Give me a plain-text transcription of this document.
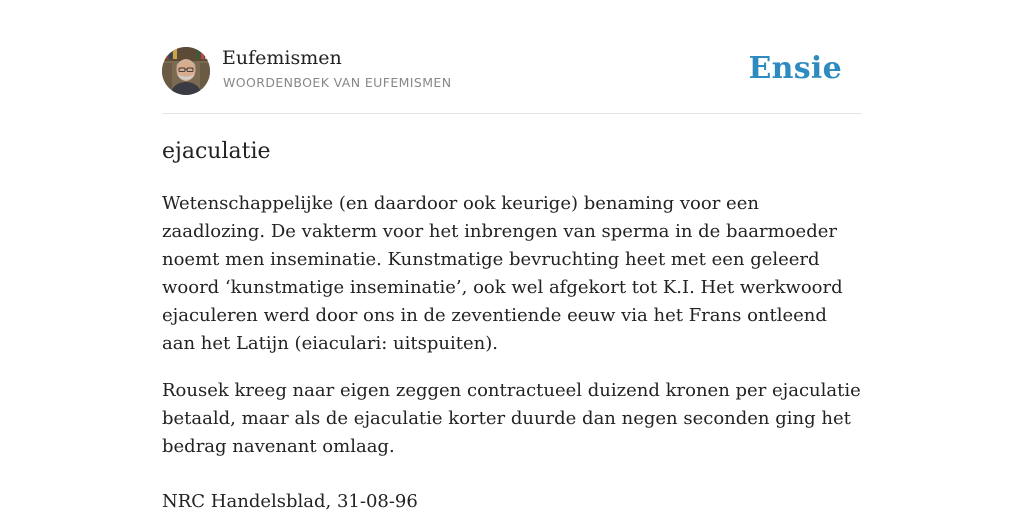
Eufemismen
WOORDENBOEK VAN EUFEMISMEN	Ensie
ejaculatie

Wetenschappelijke (en daardoor ook keurige) benaming voor een zaadlozing. De vakterm voor het inbrengen van sperma in de baarmoeder noemt men inseminatie. Kunstmatige bevruchting heet met een geleerd woord ‘kunstmatige inseminatie’, ook wel afgekort tot K.I. Het werkwoord ejaculeren werd door ons in de zeventiende eeuw via het Frans ontleend aan het Latijn (eiaculari: uitspuiten).

Rousek kreeg naar eigen zeggen contractueel duizend kronen per ejaculatie betaald, maar als de ejaculatie korter duurde dan negen seconden ging het bedrag navenant omlaag.

NRC Handelsblad, 31-08-96
